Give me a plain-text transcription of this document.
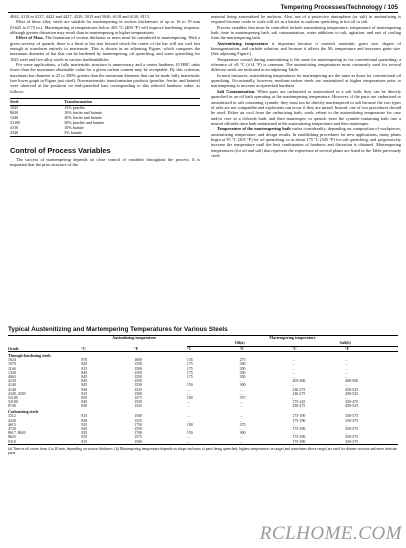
Tempering Processes/Technology / 105

4042, 4118 to 4137, 4422 and 4427, 4520, 5015 and 5046, 6118 and 6120, 8115.

Most of these alloy steels are suitable for martempering in section thicknesses of up to 16 to 19 mm (0.625 to 0.75 in.). Martempering at temperatures below 205 °C (400 °F) will improve hardening response, although greater distortion may result than in martempering at higher temperatures.

Effect of Mass. The limitation of section thickness or mass must be considered in martempering. With a given severity of quench, there is a limit to bar size beyond which the center of the bar will not cool fast enough to transform entirely to martensite. This is shown in an adjoining Figure, which compares the maximum diameter of bar that can be hardened by martempering, oil quenching, and water quenching for 1045 steel and five alloy steels in various hardenabilities.

For some applications, a fully martensitic structure is unnecessary and a center hardness 10 HRC units lower than the maximum obtainable value for a given carbon content may be acceptable. By this criterion, maximum bar diameter is 25 to 300% greater than the maximum diameter that can be made fully martensitic (see lower graph in Figure just cited). Non-martensitic transformation products (pearlite, ferrite, and bainite) were observed at the positions on end-quenched bars corresponding to this reduced hardness value, as follows:

Steel	Transformation
1045	15% pearlite
8630	10% ferrite and bainite
1340	20% ferrite and bainite
52100	50% pearlite and bainite
4150	10% bainite
4340	5% bainite
Control of Process Variables

The success of martempering depends on close control of variables throughout the process. It is important that the prior structure of the

material being austenitized be uniform. Also, use of a protective atmosphere (or salt) in austenitizing is required because oxide or scale will act as a barrier to uniform quenching in hot oil or salt.

Process variables that must be controlled include austenitizing temperature, temperature of martempering bath, time in martempering bath, salt contamination, water additions to salt, agitation, and rate of cooling from the martempering bath.

Austenitizing temperature is important because it controls austenitic grain size, degree of homogenization, and carbide solution, and because it affects the Mₛ temperature and increases grain size. (See adjoining Figure.)

Temperature control during austenitizing is the same for martempering as for conventional quenching: a tolerance of ±8 °C (±14 °F) is common. The austenitizing temperatures most commonly used for several different steels are indicated in an adjoining Table.

In most instances, austenitizing temperatures for martempering are the same as those for conventional oil quenching. Occasionally, however, medium-carbon steels are austenitized at higher temperatures prior to martempering to increase as-quenched hardness.

Salt Contamination. When parts are carburized or austenitized in a salt bath, they can be directly quenched in an oil bath operating at the martempering temperature. However, if the parts are carburized or austenitized in salt containing cyanide, they must not be directly martempered in salt because the two types of salts are not compatible and explosions can occur if they are mixed. Instead, one of two procedures should be used: Either air cool from the carburizing bath, wash, reheat to the austenitizing temperature for case and/or core in a chloride bath, and then martemper; or quench from the cyanide-containing bath into a neutral chloride rinse bath maintained at the austenitizing temperature and then martemper.

Temperature of the martempering bath varies considerably, depending on composition of workpieces, austenitizing temperature, and design results. In establishing procedures for new applications, many plants begin at 95 °C (205 °F) for oil quenching, or at about 175 °C (345 °F) for salt quenching, and progressively increase the temperature until the best combination of hardness and distortion is obtained. Martempering temperatures (for oil and salt) that represent the experience of several plants are listed in the Table previously cited.

Typical Austenitizing and Martempering Temperatures for Various Steels
	Austenitizing temperature		Martempering temperature			
			Oil(a)		Salt(b)	
Grade	°C	°F	°C	°F	°C	°F
Through-hardening steels						
1024	870	1600	135	275	...	...
1070	845	1550	175	350	...	...
1146	815	1500	175	350	...	...
1330	845	1550	175	350	...	...
4063	845	1550	175	350	...	...
4130	845	1550	...	...	205-260	400-500
4140	845	1550	150	300	...	...
4140	830	1525	...	...	230-275	450-525
4340, 4350	815	1500	...	...	230-275	450-525
52100	855	1575	190	375	...	...
52100	845	1550	...	...	175-245	350-475
8740	830	1525	...	...	230-275	450-525
Carburizing steels						
3312	815	1500	...	...	175-190	350-375
4320	830	1525	...	...	175-190	350-375
4615	955	1750	190	375	...	...
4720	845	1550	...	...	175-190	350-375
8617, 8620	925	1700	150	300	...	...
8625	855	1575	...	...	175-190	350-375
9310	815	1500	...	...	175-190	350-375
(a) Time in oil varies from 4 to 20 min, depending on section thickness. (b) Martempering temperature depends on shape and mass of parts being quenched; highest temperatures in range (and sometimes above range) are used for thinner sections and more intricate parts.
RCLHOME.COM
